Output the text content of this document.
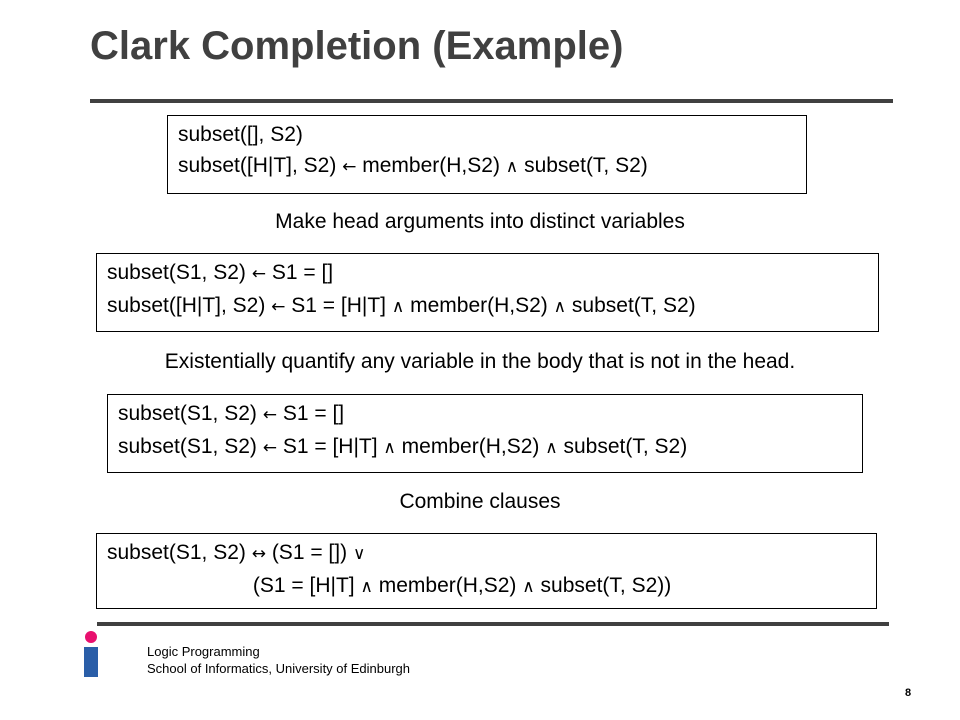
Clark Completion (Example)
subset([], S2)
subset([H|T], S2) ← member(H,S2) ∧ subset(T, S2)
Make head arguments into distinct variables
subset(S1, S2) ← S1 = []
subset([H|T], S2) ← S1 = [H|T] ∧ member(H,S2) ∧ subset(T, S2)
Existentially quantify any variable in the body that is not in the head.
subset(S1, S2) ← S1 = []
subset(S1, S2) ← S1 = [H|T] ∧ member(H,S2) ∧ subset(T, S2)
Combine clauses
subset(S1, S2) ↔ (S1 = []) ∨
(S1 = [H|T] ∧ member(H,S2) ∧ subset(T, S2))
Logic Programming
School of Informatics, University of Edinburgh
8
